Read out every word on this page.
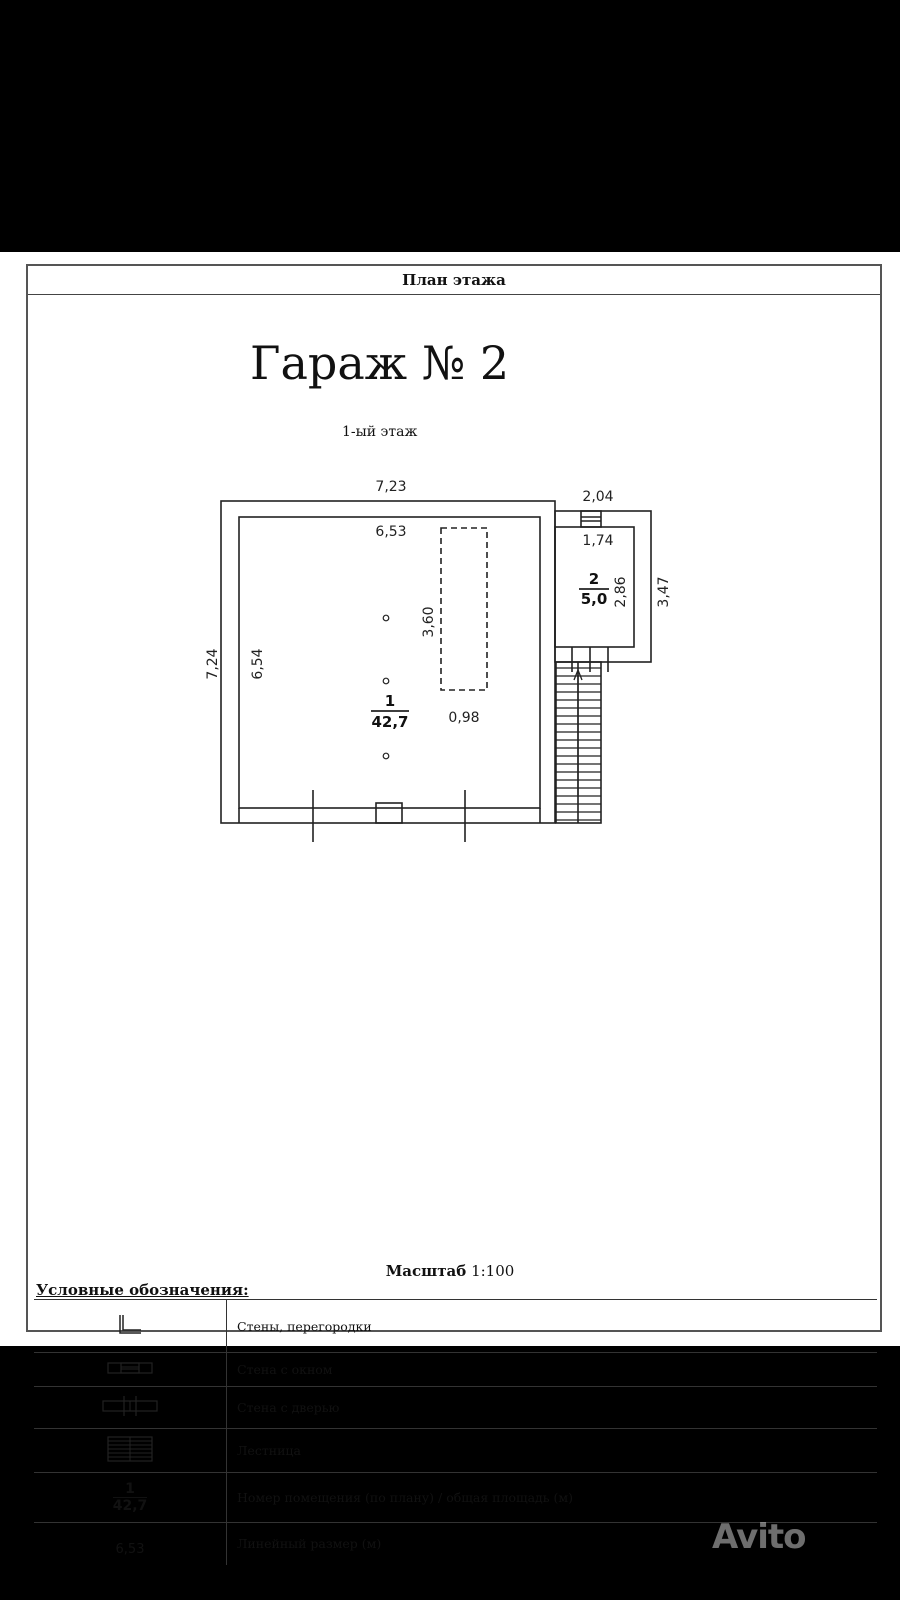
План этажа
Гараж № 2
1-ый этаж
7,23
6,53
7,24 6,54
3,60
0,98
2,04
1,74
2,86 3,47
1
42,7
2
5,0
Масштаб 1:100
Условные обозначения:
	Стены, перегородки
	Стена с окном
	Стена с дверью
	Лестница

$\frac{1}{42,7}$	Номер помещения (по плану) / общая площадь (м)
6,53	Линейный размер (м)	Avito
